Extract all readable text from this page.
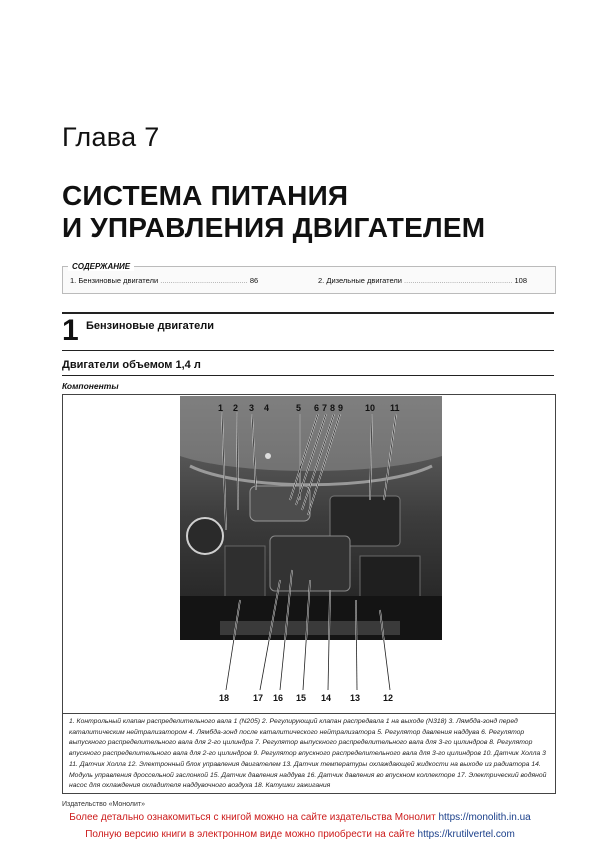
Глава 7
СИСТЕМА ПИТАНИЯ
И УПРАВЛЕНИЯ ДВИГАТЕЛЕМ
СОДЕРЖАНИЕ
1. Бензиновые двигатели .......................................... 86	2. Дизельные двигатели .................................................... 108
1 Бензиновые двигатели
Двигатели объемом 1,4 л
Компоненты
1 2 3 4	5 6 7 8 9 10 11
18	17 16 15 14 13	12
1. Контрольный клапан распределительного вала 1 (N205) 2. Регулирующий клапан распредвала 1 на выходе (N318) 3. Лямбда-зонд перед каталитическим нейтрализатором 4. Лямбда-зонд после каталитического нейтрализатора 5. Регулятор давления наддува 6. Регулятор выпускного распределительного вала для 2-го цилиндра 7. Регулятор выпускного распределительного вала для 3-го цилиндров 8. Регулятор впускного распределительного вала для 2-го цилиндров 9. Регулятор впускного распределительного вала для 3-го цилиндров 10. Датчик Холла 3 11. Датчик Холла 12. Электронный блок управления двигателем 13. Датчик температуры охлаждающей жидкости на выходе из радиатора 14. Модуль управления дроссельной заслонкой 15. Датчик давления наддува 16. Датчик давления во впускном коллекторе 17. Электрический водяной насос для охлаждения охладителя наддувочного воздуха 18. Катушки зажигания
Издательство «Монолит»
Более детально ознакомиться с книгой можно на сайте издательства Монолит https://monolith.in.ua
Полную версию книги в электронном виде можно приобрести на сайте https://krutilvertel.com
